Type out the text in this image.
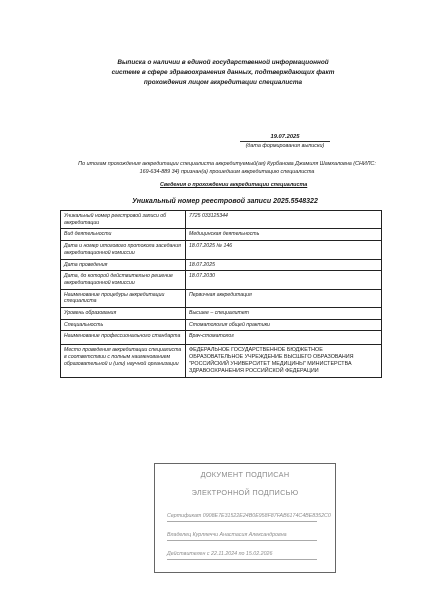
Выписка о наличии в единой государственной информационной
системе в сфере здравоохранения данных, подтверждающих факт
прохождения лицом аккредитации специалиста
19.07.2025
(дата формирования выписки)
По итогам прохождения аккредитации специалиста аккредитуемый(ая) Курбанова Джамиля Шамхаловна (СНИЛС:
169-634-889 34) признан(а) прошедшим аккредитацию специалиста
Сведения о прохождении аккредитации специалиста
Уникальный номер реестровой записи 2025.5548322
Уникальный номер реестровой записи об аккредитации	7725 033125344
Вид деятельности	Медицинская деятельность
Дата и номер итогового протокола заседания аккредитационной комиссии	18.07.2025 № 146
Дата проведения	18.07.2025
Дата, до которой действительно решение аккредитационной комиссии	18.07.2030
Наименование процедуры аккредитации специалиста	Первичная аккредитация
Уровень образования	Высшее – специалитет
Специальность	Стоматология общей практики
Наименование профессионального стандарта	Врач-стоматолог
Место проведения аккредитации специалиста в соответствии с полным наименованием образовательной и (или) научной организации	ФЕДЕРАЛЬНОЕ ГОСУДАРСТВЕННОЕ БЮДЖЕТНОЕ
ОБРАЗОВАТЕЛЬНОЕ УЧРЕЖДЕНИЕ ВЫСШЕГО ОБРАЗОВАНИЯ
"РОССИЙСКИЙ УНИВЕРСИТЕТ МЕДИЦИНЫ" МИНИСТЕРСТВА
ЗДРАВООХРАНЕНИЯ РОССИЙСКОЙ ФЕДЕРАЦИИ
ДОКУМЕНТ ПОДПИСАН
ЭЛЕКТРОННОЙ ПОДПИСЬЮ
Сертификат 0908E7E31522E24B0E958F87FAB6174C4BE8352C0
Владелец Курляеччи Анастасия Александровна
Действителен с 22.11.2024 по 15.02.2026
